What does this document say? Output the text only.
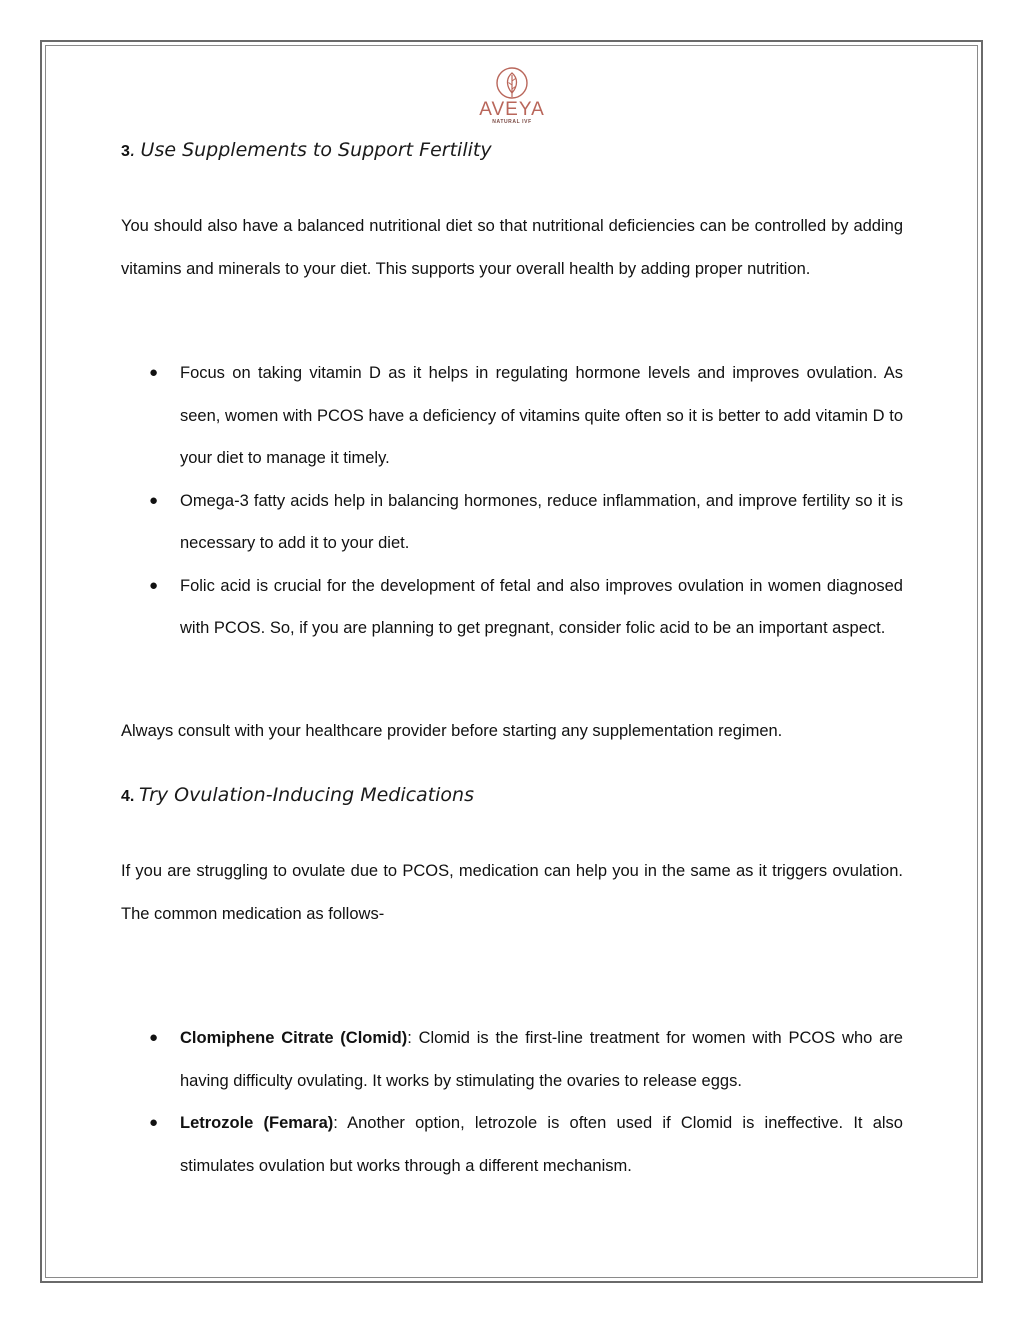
AVEYA
NATURAL IVF
3. Use Supplements to Support Fertility

You should also have a balanced nutritional diet so that nutritional deficiencies can be controlled by adding vitamins and minerals to your diet. This supports your overall health by adding proper nutrition.

● Focus on taking vitamin D as it helps in regulating hormone levels and improves ovulation. As seen, women with PCOS have a deficiency of vitamins quite often so it is better to add vitamin D to your diet to manage it timely.
● Omega-3 fatty acids help in balancing hormones, reduce inflammation, and improve fertility so it is necessary to add it to your diet.
● Folic acid is crucial for the development of fetal and also improves ovulation in women diagnosed with PCOS. So, if you are planning to get pregnant, consider folic acid to be an important aspect.

Always consult with your healthcare provider before starting any supplementation regimen.

4. Try Ovulation-Inducing Medications

If you are struggling to ovulate due to PCOS, medication can help you in the same as it triggers ovulation. The common medication as follows-

● Clomiphene Citrate (Clomid): Clomid is the first-line treatment for women with PCOS who are having difficulty ovulating. It works by stimulating the ovaries to release eggs.
● Letrozole (Femara): Another option, letrozole is often used if Clomid is ineffective. It also stimulates ovulation but works through a different mechanism.
